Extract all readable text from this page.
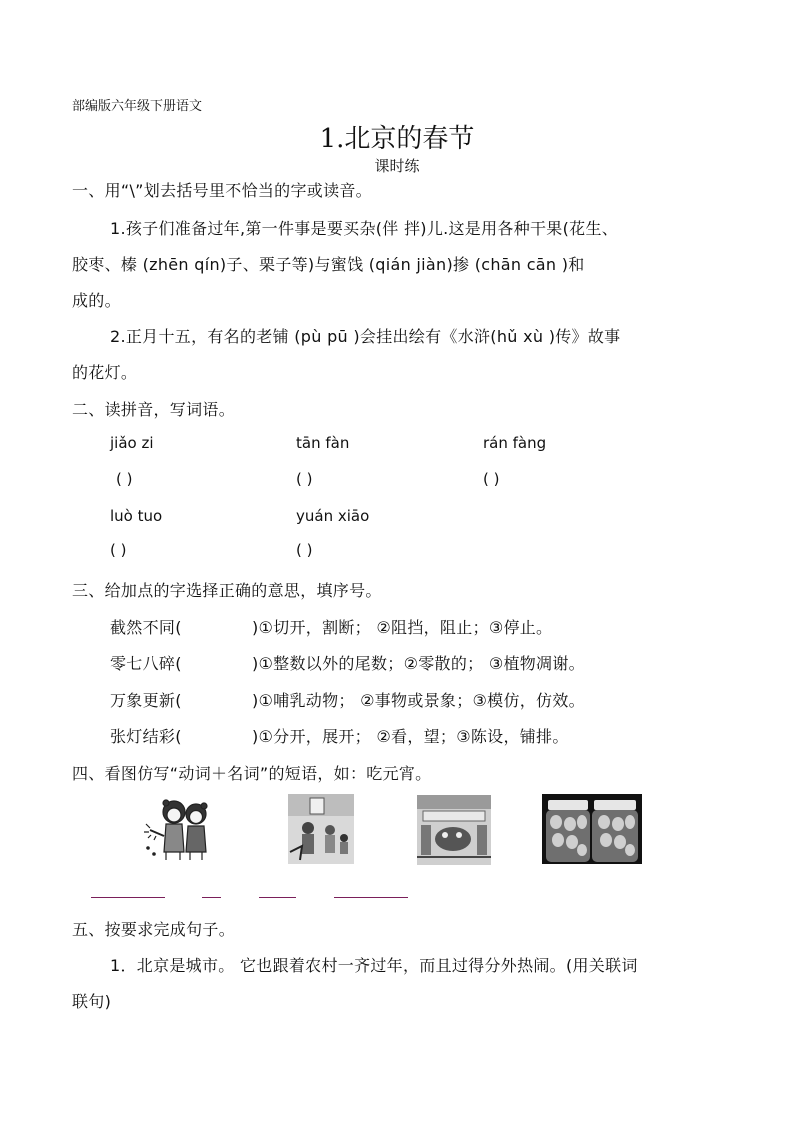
部编版六年级下册语文
1.北京的春节
课时练
一、用“\”划去括号里不恰当的字或读音。
1.孩子们准备过年,第一件事是要买杂(伴 拌)儿.这是用各种干果(花生、
胶枣、榛 (zhēn qín)子、栗子等)与蜜饯 (qián jiàn)掺 (chān cān )和
成的。
2.正月十五，有名的老铺 (pù pū )会挂出绘有《水浒(hǔ xù )传》故事
的花灯。
二、读拼音，写词语。
jiǎo zi	tān fàn	rán fàng
( )	( )	( )
luò tuo	yuán xiāo
( )	( )
三、给加点的字选择正确的意思，填序号。
截然不同(	)①切开，割断； ②阻挡，阻止；③停止。
零七八碎(	)①整数以外的尾数；②零散的； ③植物凋谢。
万象更新(	)①哺乳动物； ②事物或景象；③模仿，仿效。
张灯结彩(	)①分开，展开； ②看，望；③陈设，铺排。
四、看图仿写“动词＋名词”的短语，如：吃元宵。
五、按要求完成句子。
1．北京是城市。 它也跟着农村一齐过年，而且过得分外热闹。(用关联词
联句)
